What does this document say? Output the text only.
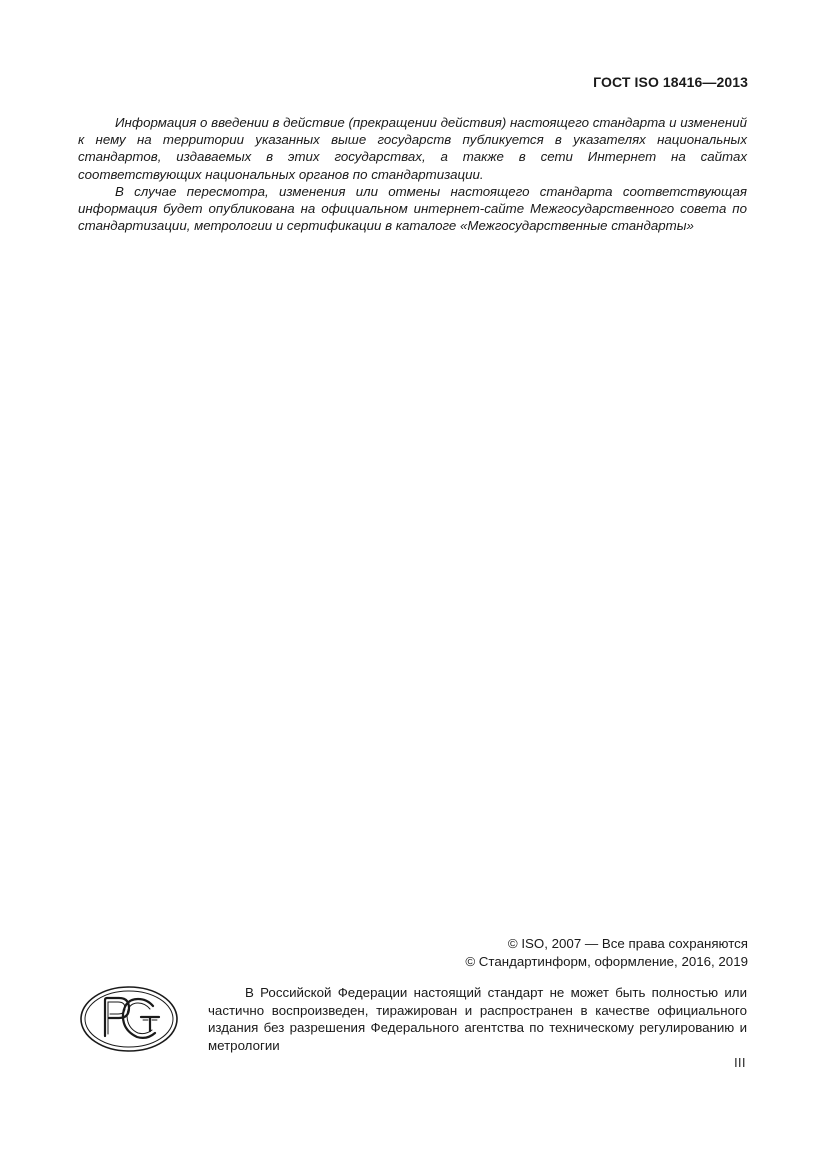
ГОСТ ISO 18416—2013

Информация о введении в действие (прекращении действия) настоящего стандарта и изменений к нему на территории указанных выше государств публикуется в указателях национальных стандартов, издаваемых в этих государствах, а также в сети Интернет на сайтах соответствующих национальных органов по стандартизации.

В случае пересмотра, изменения или отмены настоящего стандарта соответствующая информация будет опубликована на официальном интернет-сайте Межгосударственного совета по стандартизации, метрологии и сертификации в каталоге «Межгосударственные стандарты»

© ISO, 2007 — Все права сохраняются
© Стандартинформ, оформление, 2016, 2019
В Российской Федерации настоящий стандарт не может быть полностью или частично воспроизведен, тиражирован и распространен в качестве официального издания без разрешения Федерального агентства по техническому регулированию и метрологии
III
